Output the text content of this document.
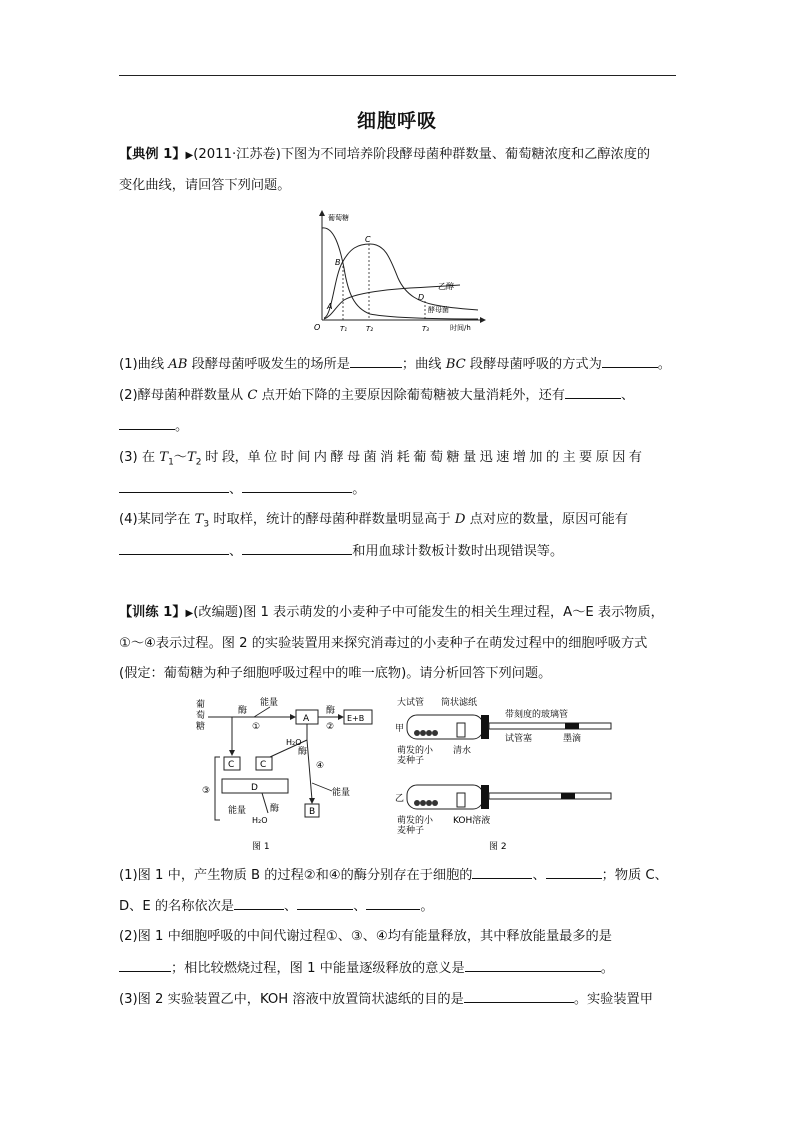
细胞呼吸
【典例 1】▶(2011·江苏卷)下图为不同培养阶段酵母菌种群数量、葡萄糖浓度和乙醇浓度的
变化曲线，请回答下列问题。
葡萄糖
乙醇
酵母菌
O
A
B
C
D
T₁	T₂	T₃	时间/h
(1)曲线 AB 段酵母菌呼吸发生的场所是	；曲线 BC 段酵母菌呼吸的方式为	。
(2)酵母菌种群数量从 C 点开始下降的主要原因除葡萄糖被大量消耗外，还有	、
。
(3) 在 $T_1\sim T_2$ 时 段，单 位 时 间 内 酵 母 菌 消 耗 葡 萄 糖 量 迅 速 增 加 的 主 要 原 因 有
、	。
(4)某同学在 $T_3$ 时取样，统计的酵母菌种群数量明显高于 D 点对应的数量，原因可能有
、	和用血球计数板计数时出现错误等。
【训练 1】▶(改编题)图 1 表示萌发的小麦种子中可能发生的相关生理过程，A～E 表示物质，
①～④表示过程。图 2 的实验装置用来探究消毒过的小麦种子在萌发过程中的细胞呼吸方式
(假定：葡萄糖为种子细胞呼吸过程中的唯一底物)。请分析回答下列问题。
葡
萄
糖
酶
能量
①
A
酶
②
E+B
H₂O
酶
④
能量
B
C	C
D
③
酶
能量
H₂O
图 1
大试管 筒状滤纸
带刻度的玻璃管
甲
萌发的小
麦种子
清水
试管塞	墨滴
乙
萌发的小
麦种子
KOH溶液
图 2
(1)图 1 中，产生物质 B 的过程②和④的酶分别存在于细胞的	、	；物质 C、
D、E 的名称依次是	、	、	。
(2)图 1 中细胞呼吸的中间代谢过程①、③、④均有能量释放，其中释放能量最多的是
；相比较燃烧过程，图 1 中能量逐级释放的意义是	。
(3)图 2 实验装置乙中，KOH 溶液中放置筒状滤纸的目的是	。实验装置甲
